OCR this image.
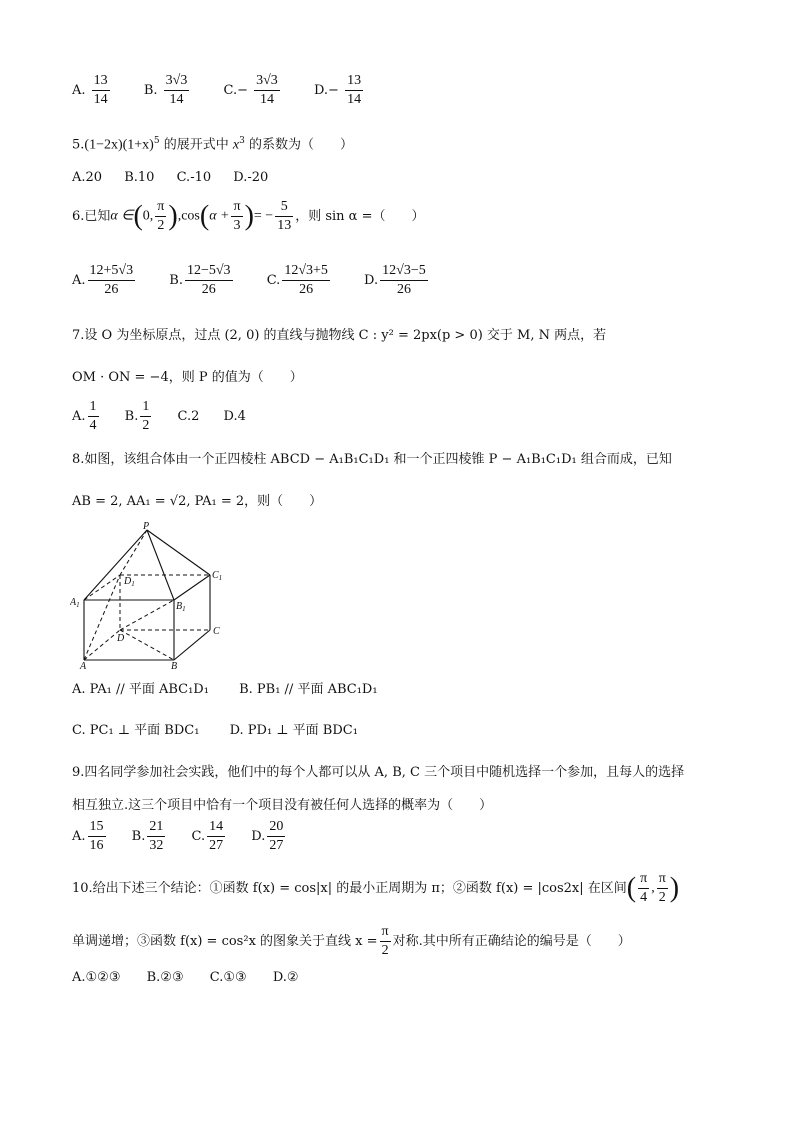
A. $\frac{13}{14}$	B. $\frac{3√3}{14}$	$C.- \frac{3√3}{14}$	$D.- \frac{13}{14}$
$5.(1-2x)(1+x)^5$ 的展开式中 $x^3$ 的系数为（　　）
A.20 B.10 C.-10 D.-20
6.已知α ∈(0, $\frac{\pi}{2} ),\cos(\alpha + \frac{\pi}{3}$ )= − $\frac{5}{13}$ ，则 sin α =（　　）
A. $\frac{12+5√3}{26}$	B. $\frac{12-5√3}{26}$	C. $\frac{12√3+5}{26}$	D. $\frac{12√3-5}{26}$
7.设 O 为坐标原点，过点 (2, 0) 的直线与抛物线 C : y² = 2px(p > 0) 交于 M, N 两点，若
OM · ON = −4，则 P 的值为（　　）
A. $\frac{1}{4} B$. $\frac{1}{2} C.2$ D.4
8.如图，该组合体由一个正四棱柱 ABCD − A₁B₁C₁D₁ 和一个正四棱锥 P − A₁B₁C₁D₁ 组合而成，已知
AB = 2, AA₁ = √2, PA₁ = 2，则（　　）
P
$D_1$
$C_1$
$A_1$	$B_1$
D
C
A	B
A. PA₁ // 平面 ABC₁D₁ B. PB₁ // 平面 ABC₁D₁
C. PC₁ ⊥ 平面 BDC₁ D. PD₁ ⊥ 平面 BDC₁
9.四名同学参加社会实践，他们中的每个人都可以从 A, B, C 三个项目中随机选择一个参加，且每人的选择
相互独立.这三个项目中恰有一个项目没有被任何人选择的概率为（　　）
A. $\frac{15}{16} B$. $\frac{21}{32} C$. $\frac{14}{27} D$. $\frac{20}{27}$
10.给出下述三个结论：①函数 f(x) = cos|x| 的最小正周期为 π；②函数 f(x) = |cos2x| 在区间( $\frac{\pi}{4}$ , $\frac{\pi}{2}$ )
单调递增；③函数 f(x) = cos²x 的图象关于直线 $x = \frac{\pi}{2}$ 对称.其中所有正确结论的编号是（　　）
A.①②③ B.②③ C.①③ D.②
